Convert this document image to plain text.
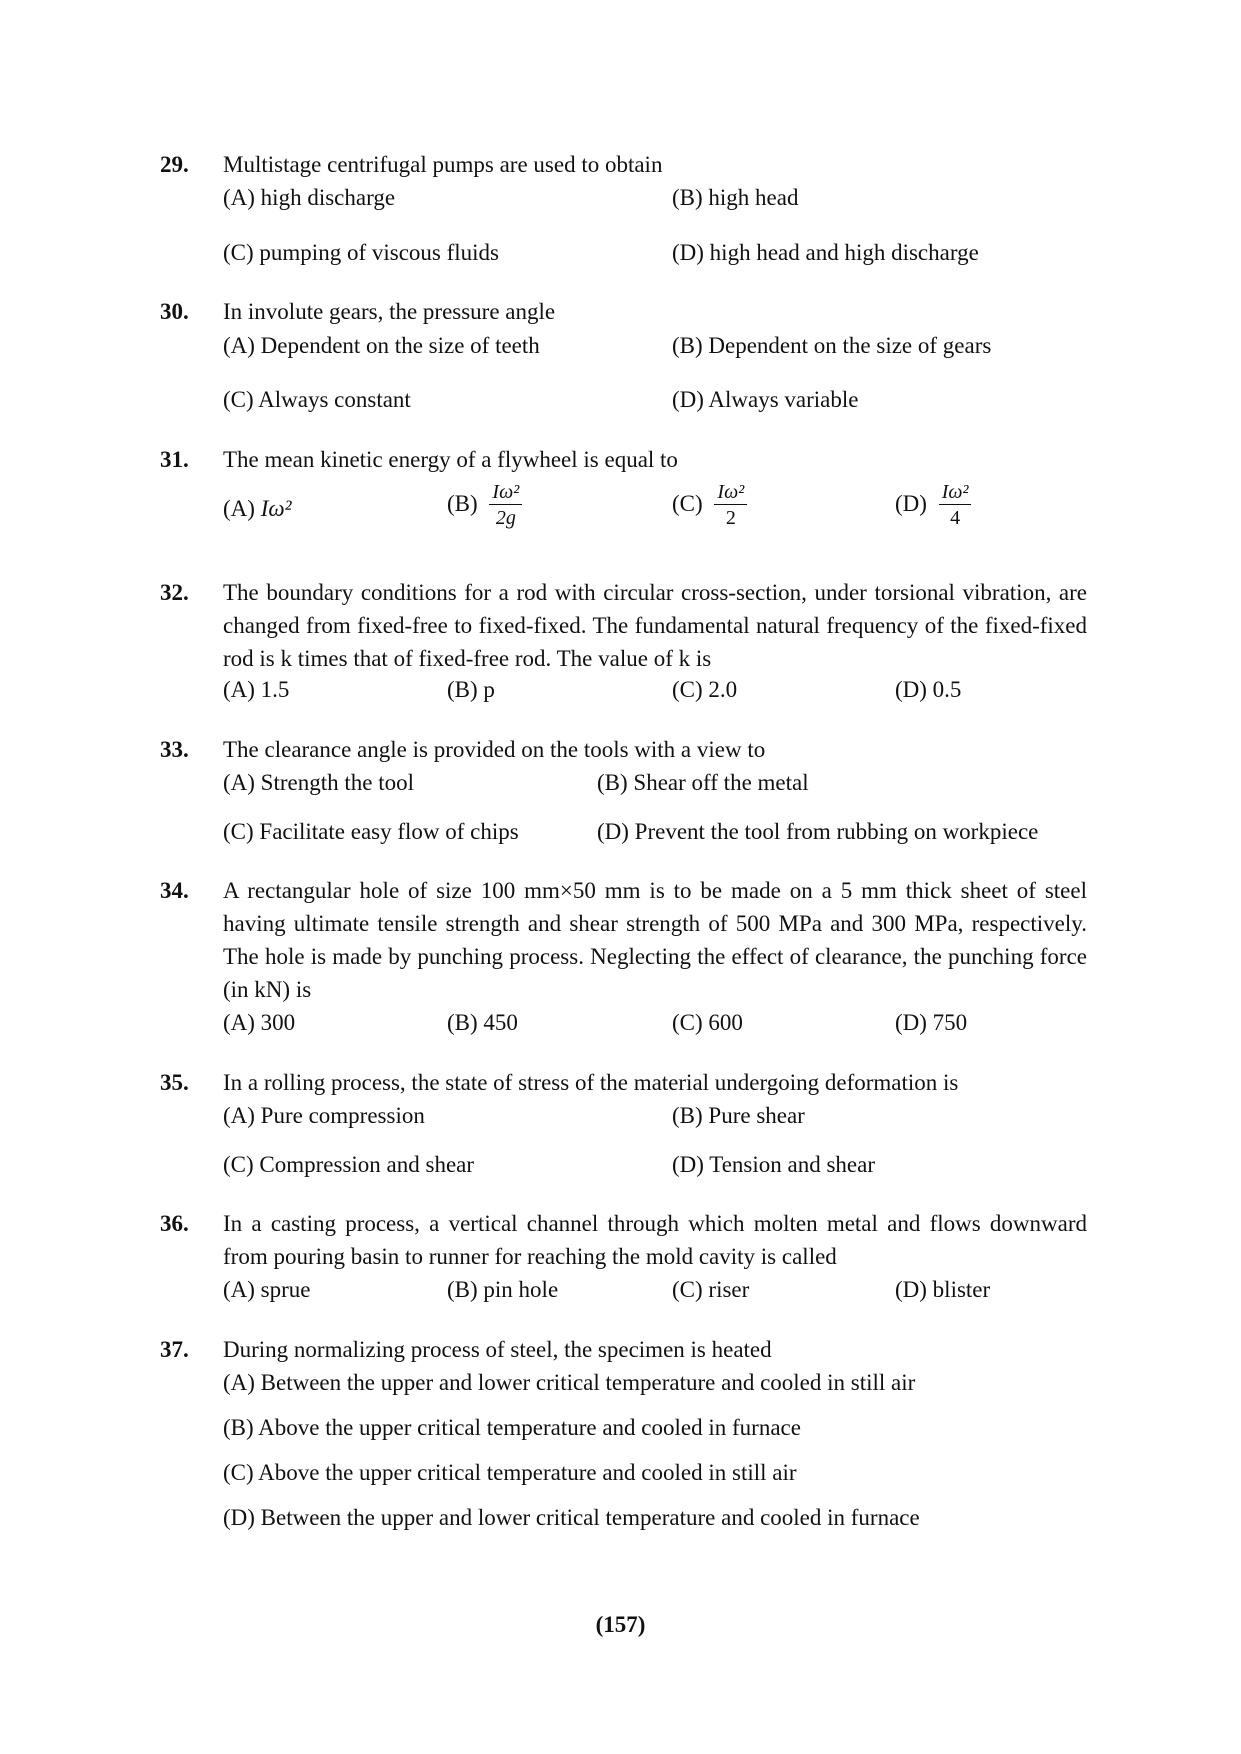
29.	Multistage centrifugal pumps are used to obtain
(A) high discharge	(B) high head
(C) pumping of viscous fluids	(D) high head and high discharge
30.	In involute gears, the pressure angle
(A) Dependent on the size of teeth	(B) Dependent on the size of gears
(C) Always constant	(D) Always variable
31.	The mean kinetic energy of a flywheel is equal to
(A) Iω²	$(B) \frac{\text{Iω²}}{2g}$	$(C) \frac{\text{Iω²}}{2}$	$(D) \frac{\text{Iω²}}{4}$
32.	The boundary conditions for a rod with circular cross-section, under torsional vibration, are changed from fixed-free to fixed-fixed. The fundamental natural frequency of the fixed-fixed rod is k times that of fixed-free rod. The value of k is
(A) 1.5	(B) p	(C) 2.0	(D) 0.5
33.	The clearance angle is provided on the tools with a view to
(A) Strength the tool	(B) Shear off the metal
(C) Facilitate easy flow of chips	(D) Prevent the tool from rubbing on workpiece
34.	A rectangular hole of size 100 mm×50 mm is to be made on a 5 mm thick sheet of steel having ultimate tensile strength and shear strength of 500 MPa and 300 MPa, respectively. The hole is made by punching process. Neglecting the effect of clearance, the punching force (in kN) is
(A) 300	(B) 450	(C) 600	(D) 750
35.	In a rolling process, the state of stress of the material undergoing deformation is
(A) Pure compression	(B) Pure shear
(C) Compression and shear	(D) Tension and shear
36.	In a casting process, a vertical channel through which molten metal and flows downward from pouring basin to runner for reaching the mold cavity is called
(A) sprue	(B) pin hole	(C) riser	(D) blister
37.	During normalizing process of steel, the specimen is heated
(A) Between the upper and lower critical temperature and cooled in still air
(B) Above the upper critical temperature and cooled in furnace
(C) Above the upper critical temperature and cooled in still air
(D) Between the upper and lower critical temperature and cooled in furnace
(157)
